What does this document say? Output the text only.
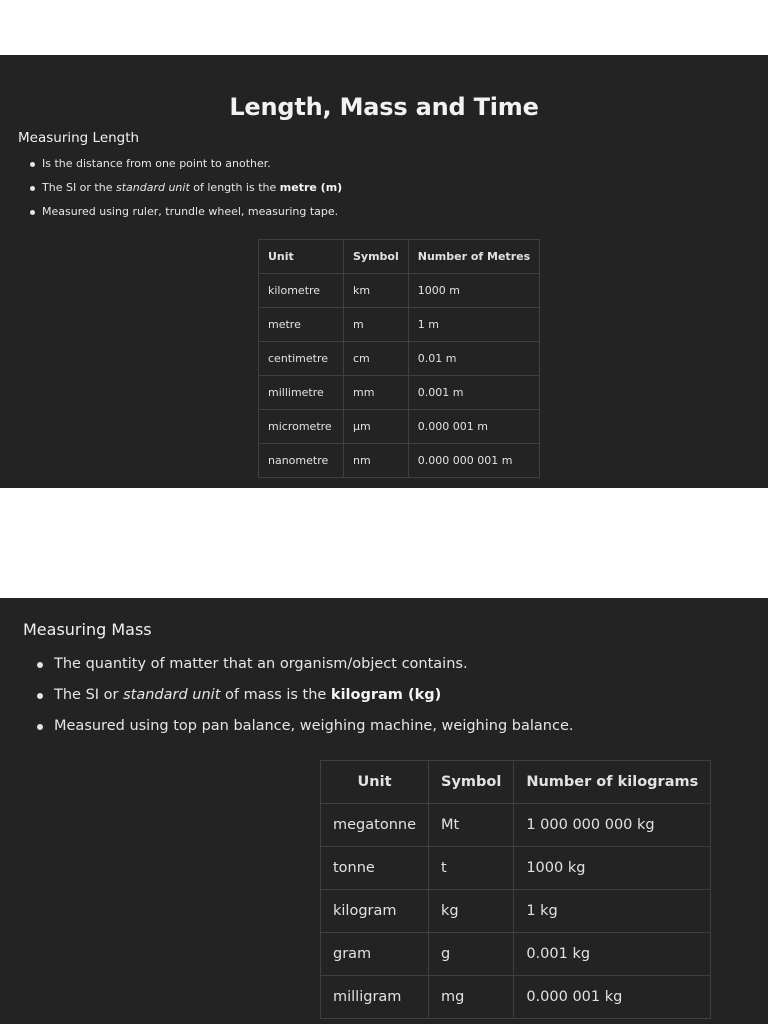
Length, Mass and Time
Measuring Length
Is the distance from one point to another.
The SI or the standard unit of length is the metre (m)
Measured using ruler, trundle wheel, measuring tape.
Unit	Symbol	Number of Metres
kilometre	km	1000 m
metre	m	1 m
centimetre	cm	0.01 m
millimetre	mm	0.001 m
micrometre	μm	0.000 001 m
nanometre	nm	0.000 000 001 m
Measuring Mass
The quantity of matter that an organism/object contains.
The SI or standard unit of mass is the kilogram (kg)
Measured using top pan balance, weighing machine, weighing balance.
Unit	Symbol	Number of kilograms
megatonne	Mt	1 000 000 000 kg
tonne	t	1000 kg
kilogram	kg	1 kg
gram	g	0.001 kg
milligram	mg	0.000 001 kg
